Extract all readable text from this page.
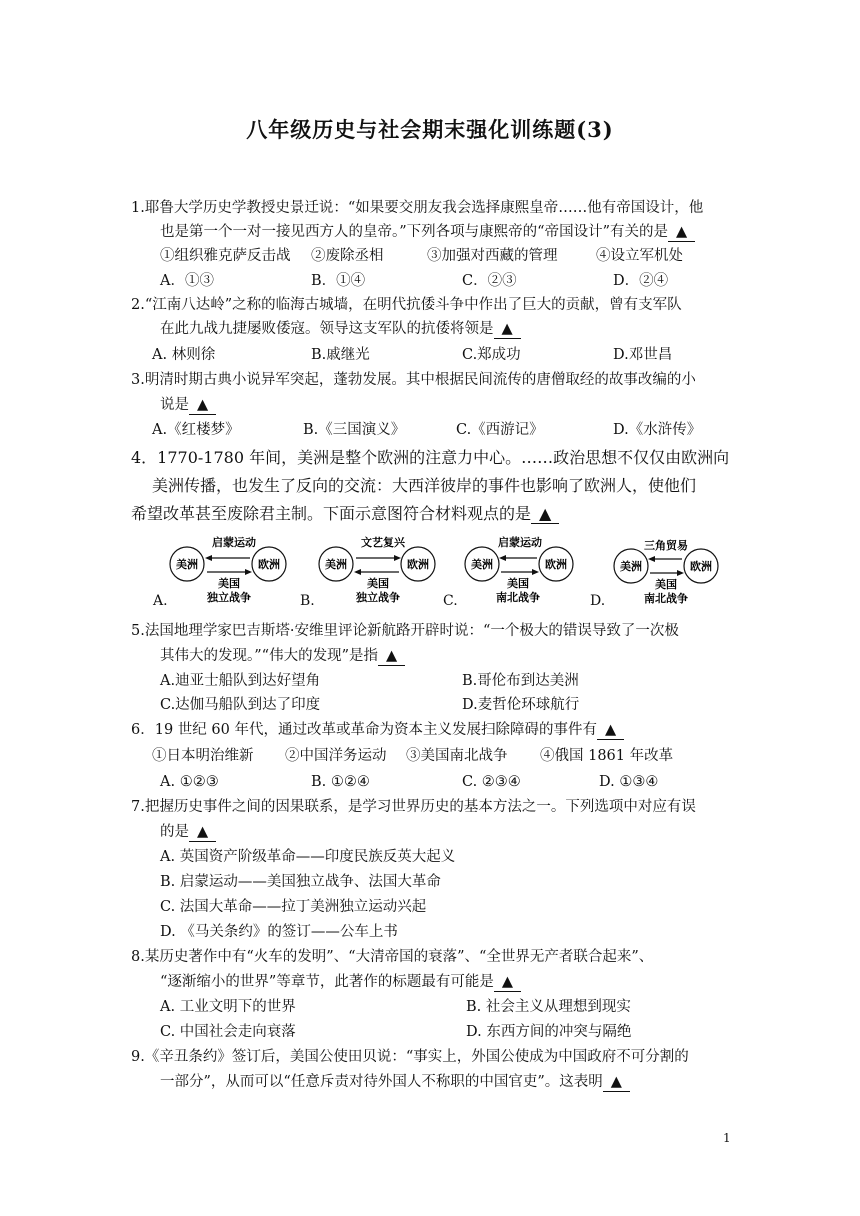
八年级历史与社会期末强化训练题(3)
1.耶鲁大学历史学教授史景迁说：“如果要交朋友我会选择康熙皇帝……他有帝国设计，他
也是第一个一对一接见西方人的皇帝。”下列各项与康熙帝的“帝国设计”有关的是 ▲
①组织雅克萨反击战 ②废除丞相	③加强对西藏的管理	④设立军机处
A．①③	B．①④	C．②③	D．②④
2.“江南八达岭”之称的临海古城墙，在明代抗倭斗争中作出了巨大的贡献，曾有支军队
在此九战九捷屡败倭寇。领导这支军队的抗倭将领是 ▲
A. 林则徐	B.戚继光	C.郑成功	D.邓世昌
3.明清时期古典小说异军突起，蓬勃发展。其中根据民间流传的唐僧取经的故事改编的小
说是 ▲
A.《红楼梦》	B.《三国演义》	C.《西游记》	D.《水浒传》
4．1770-1780 年间，美洲是整个欧洲的注意力中心。……政治思想不仅仅由欧洲向
美洲传播，也发生了反向的交流：大西洋彼岸的事件也影响了欧洲人，使他们
希望改革甚至废除君主制。下面示意图符合材料观点的是 ▲
A.
启蒙运动
美洲	欧洲
美国
独立战争	B.
文艺复兴
美洲	欧洲
美国
独立战争	C.
启蒙运动
美洲	欧洲
美国
南北战争	D.
三角贸易
美洲	欧洲
美国
南北战争
5.法国地理学家巴吉斯塔·安维里评论新航路开辟时说：“一个极大的错误导致了一次极
其伟大的发现。”“伟大的发现”是指 ▲
A.迪亚士船队到达好望角	B.哥伦布到达美洲
C.达伽马船队到达了印度	D.麦哲伦环球航行
6．19 世纪 60 年代，通过改革或革命为资本主义发展扫除障碍的事件有 ▲
①日本明治维新 ②中国洋务运动 ③美国南北战争 ④俄国 1861 年改革
A. ①②③	B. ①②④	C. ②③④	D. ①③④
7.把握历史事件之间的因果联系，是学习世界历史的基本方法之一。下列选项中对应有误
的是 ▲
A. 英国资产阶级革命——印度民族反英大起义
B. 启蒙运动——美国独立战争、法国大革命
C. 法国大革命——拉丁美洲独立运动兴起
D. 《马关条约》的签订——公车上书
8.某历史著作中有“火车的发明”、“大清帝国的衰落”、“全世界无产者联合起来”、
“逐渐缩小的世界”等章节，此著作的标题最有可能是 ▲
A. 工业文明下的世界	B. 社会主义从理想到现实
C. 中国社会走向衰落	D. 东西方间的冲突与隔绝
9.《辛丑条约》签订后，美国公使田贝说：“事实上，外国公使成为中国政府不可分割的
一部分”，从而可以“任意斥责对待外国人不称职的中国官吏”。这表明 ▲
1
